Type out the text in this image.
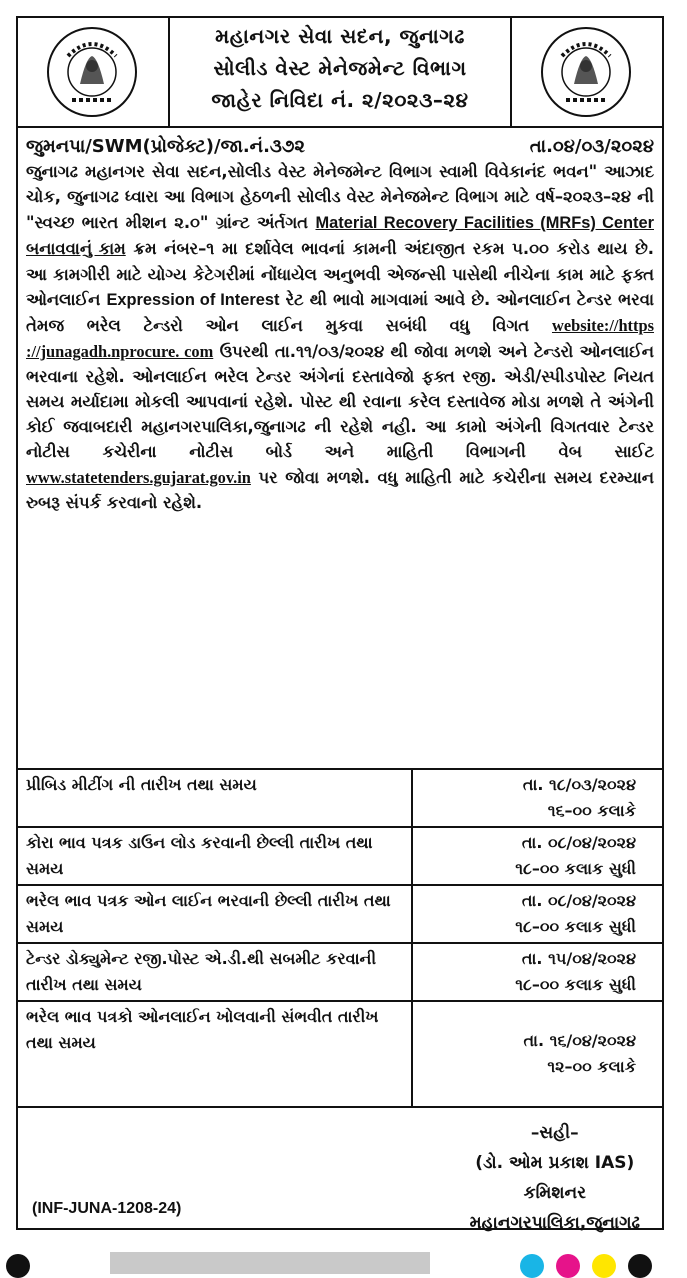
મહાનગર સેવા સદન, જુનાગઢ
સોલીડ વેસ્ટ મેનેજમેન્ટ વિભાગ
જાહેર નિવિદા નં. ૨/૨૦૨૩–૨૪
જુમનપા/SWM(પ્રોજેક્ટ)/જા.નં.૩૭૨	તા.૦૪/૦૩/૨૦૨૪
જુનાગઢ મહાનગર સેવા સદન,સોલીડ વેસ્ટ મેનેજમેન્ટ વિભાગ સ્વામી વિવેકાનંદ ભવન" આઝાદ ચોક, જુનાગઢ ધ્વારા આ વિભાગ હેઠળની સોલીડ વેસ્ટ મેનેજમેન્ટ વિભાગ માટે વર્ષ–૨૦૨૩–૨૪ ની "સ્વચ્છ ભારત મીશન ૨.૦" ગ્રાંન્ટ અંર્તગત Material Recovery Facilities (MRFs) Center બનાવવાનું કામ ક્રમ નંબર–૧ મા દર્શાવેલ ભાવનાં કામની અંદાજીત રકમ ૫.૦૦ કરોડ થાય છે. આ કામગીરી માટે યોગ્ય કેટેગરીમાં નોંધાયેલ અનુભવી એજન્સી પાસેથી નીચેના કામ માટે ફક્ત ઓનલાઈન Expression of Interest રેટ થી ભાવો માગવામાં આવે છે. ઓનલાઈન ટેન્ડર ભરવા તેમજ ભરેલ ટેન્ડરો ઓન લાઈન મુકવા સબંધી વધુ વિગત website://https ://junagadh.nprocure. com ઉપરથી તા.૧૧/૦૩/૨૦૨૪ થી જોવા મળશે અને ટેન્ડરો ઓનલાઈન ભરવાના રહેશે. ઓનલાઈન ભરેલ ટેન્ડર અંગેનાં દસ્તાવેજો ફક્ત રજી. એડી/સ્પીડપોસ્ટ નિયત સમય મર્યાદામા મોકલી આપવાનાં રહેશે. પોસ્ટ થી રવાના કરેલ દસ્તાવેજ મોડા મળશે તે અંગેની કોઈ જવાબદારી મહાનગરપાલિકા,જુનાગઢ ની રહેશે નહી. આ કામો અંગેની વિગતવાર ટેન્ડર નોટીસ કચેરીના નોટીસ બોર્ડ અને માહિતી વિભાગની વેબ સાઈટ www.statetenders.gujarat.gov.in પર જોવા મળશે. વધુ માહિતી માટે કચેરીના સમય દરમ્યાન રુબરૂ સંપર્ક કરવાનો રહેશે.
પ્રીબિડ મીટીંગ ની તારીખ તથા સમય	તા. ૧૮/૦૩/૨૦૨૪
૧૬–૦૦ કલાકે

કોરા ભાવ પત્રક ડાઉન લોડ કરવાની છેલ્લી તારીખ તથા સમય	તા. ૦૮/૦૪/૨૦૨૪
૧૮–૦૦ કલાક સુધી

ભરેલ ભાવ પત્રક ઓન લાઈન ભરવાની છેલ્લી તારીખ તથા સમય	તા. ૦૮/૦૪/૨૦૨૪
૧૮–૦૦ કલાક સુધી

ટેન્ડર ડોક્યુમેન્ટ રજી.પોસ્ટ એ.ડી.થી સબમીટ કરવાની તારીખ તથા સમય	તા. ૧૫/૦૪/૨૦૨૪
૧૮–૦૦ કલાક સુધી

ભરેલ ભાવ પત્રકો ઓનલાઈન ખોલવાની સંભવીત તારીખ તથા સમય	તા. ૧૬/૦૪/૨૦૨૪
૧૨–૦૦ કલાકે
–સહી–
(ડો. ઓમ પ્રકાશ IAS)
કમિશનર
મહાનગરપાલિકા,જુનાગઢ
(INF-JUNA-1208-24)
